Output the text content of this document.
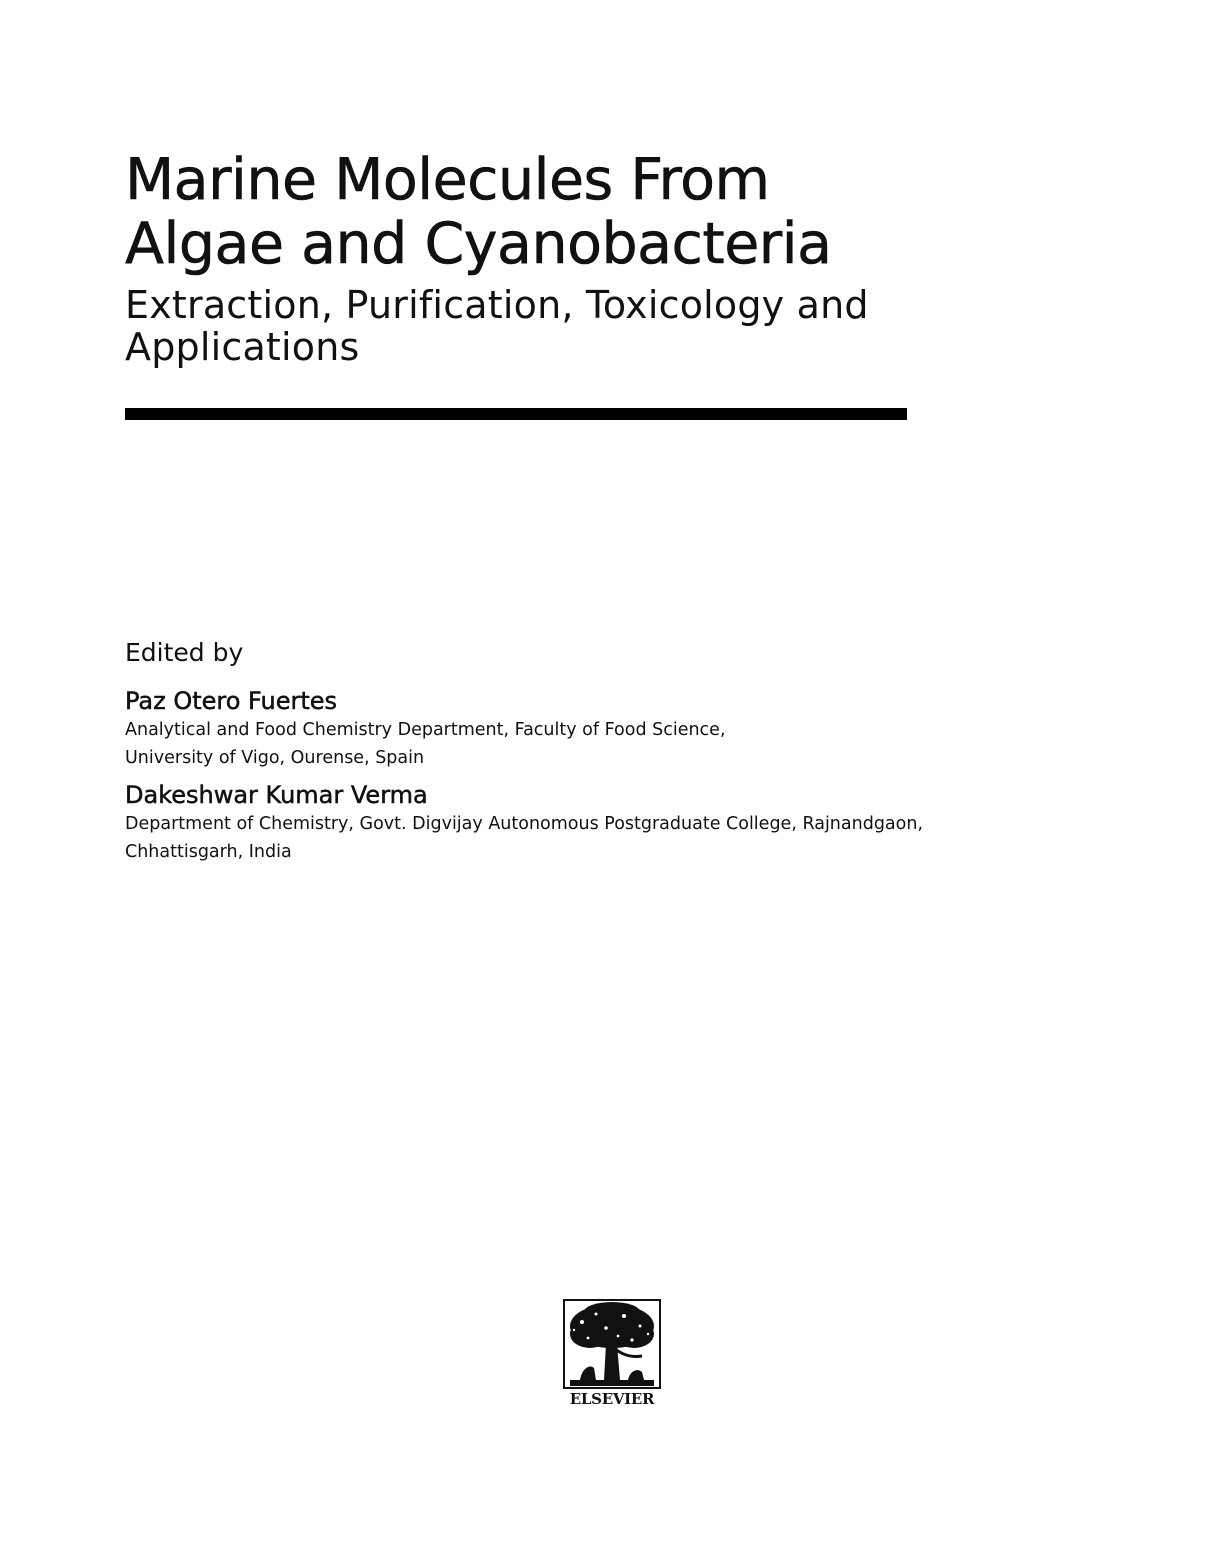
Marine Molecules From
Algae and Cyanobacteria
Extraction, Purification, Toxicology and
Applications
Edited by
Paz Otero Fuertes
Analytical and Food Chemistry Department, Faculty of Food Science,
University of Vigo, Ourense, Spain
Dakeshwar Kumar Verma
Department of Chemistry, Govt. Digvijay Autonomous Postgraduate College, Rajnandgaon,
Chhattisgarh, India
ELSEVIER
